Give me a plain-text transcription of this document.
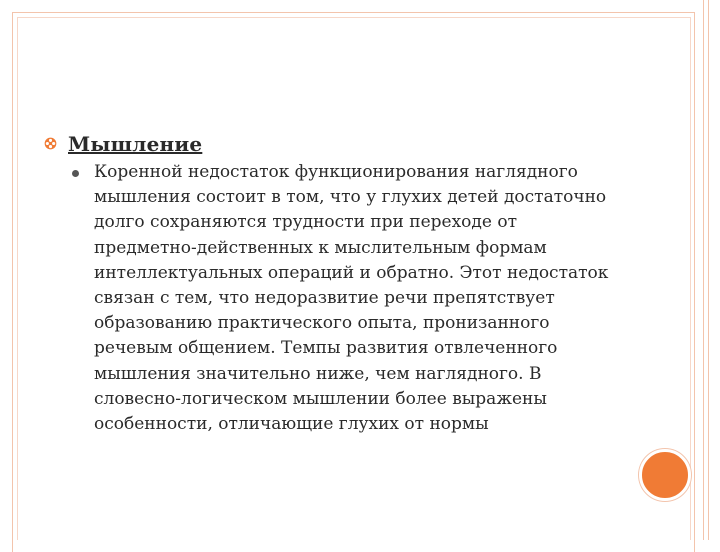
Мышление
Коренной недостаток функционирования наглядного мышления состоит в том, что у глухих детей достаточно долго сохраняются трудности при переходе от предметно-действенных к мыслительным формам интеллектуальных операций и обратно. Этот недостаток связан с тем, что недоразвитие речи препятствует образованию практического опыта, пронизанного речевым общением. Темпы развития отвлеченного мышления значительно ниже, чем наглядного. В словесно-логическом мышлении более выражены особенности, отличающие глухих от нормы
